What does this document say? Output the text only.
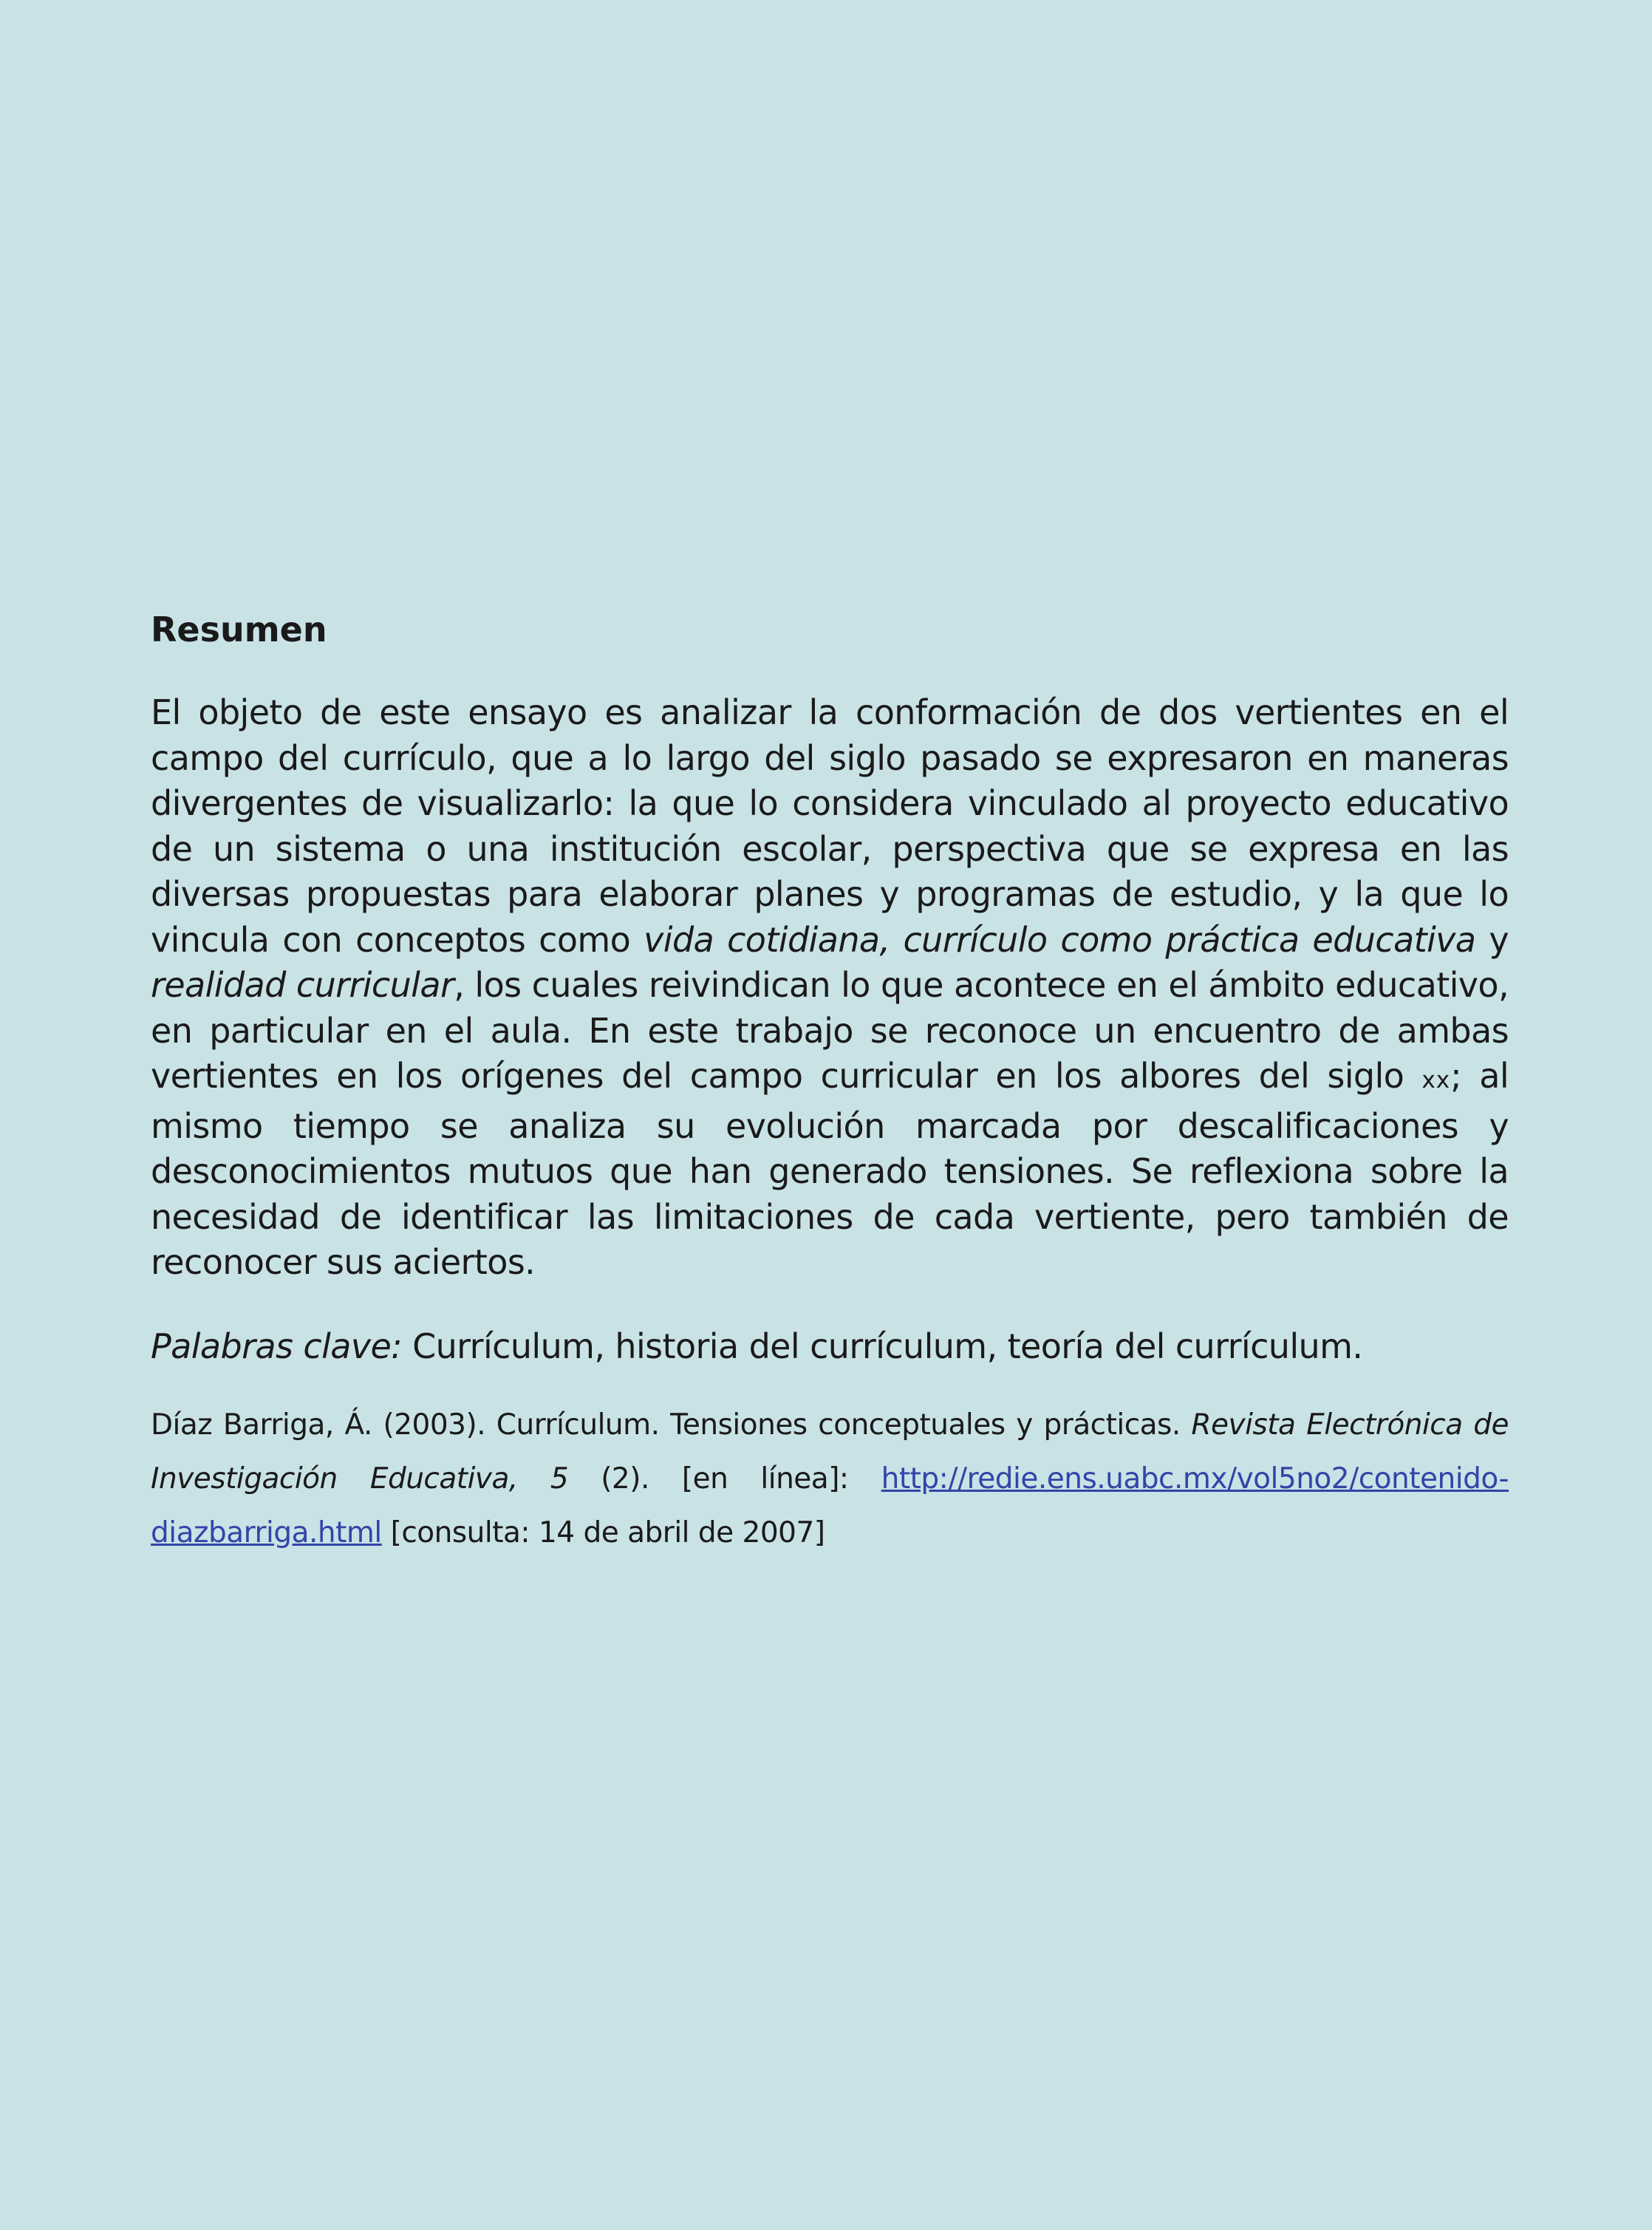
Resumen

El objeto de este ensayo es analizar la conformación de dos vertientes en el campo del currículo, que a lo largo del siglo pasado se expresaron en maneras divergentes de visualizarlo: la que lo considera vinculado al proyecto educativo de un sistema o una institución escolar, perspectiva que se expresa en las diversas propuestas para elaborar planes y programas de estudio, y la que lo vincula con conceptos como vida cotidiana, currículo como práctica educativa y realidad curricular, los cuales reivindican lo que acontece en el ámbito educativo, en particular en el aula. En este trabajo se reconoce un encuentro de ambas vertientes en los orígenes del campo curricular en los albores del siglo xx; al mismo tiempo se analiza su evolución marcada por descalificaciones y desconocimientos mutuos que han generado tensiones. Se reflexiona sobre la necesidad de identificar las limitaciones de cada vertiente, pero también de reconocer sus aciertos.

Palabras clave: Currículum, historia del currículum, teoría del currículum.

Díaz Barriga, Á. (2003). Currículum. Tensiones conceptuales y prácticas. Revista Electrónica de Investigación Educativa, 5 (2). [en línea]: http://redie.ens.uabc.mx/vol5no2/contenido-diazbarriga.html [consulta: 14 de abril de 2007]
